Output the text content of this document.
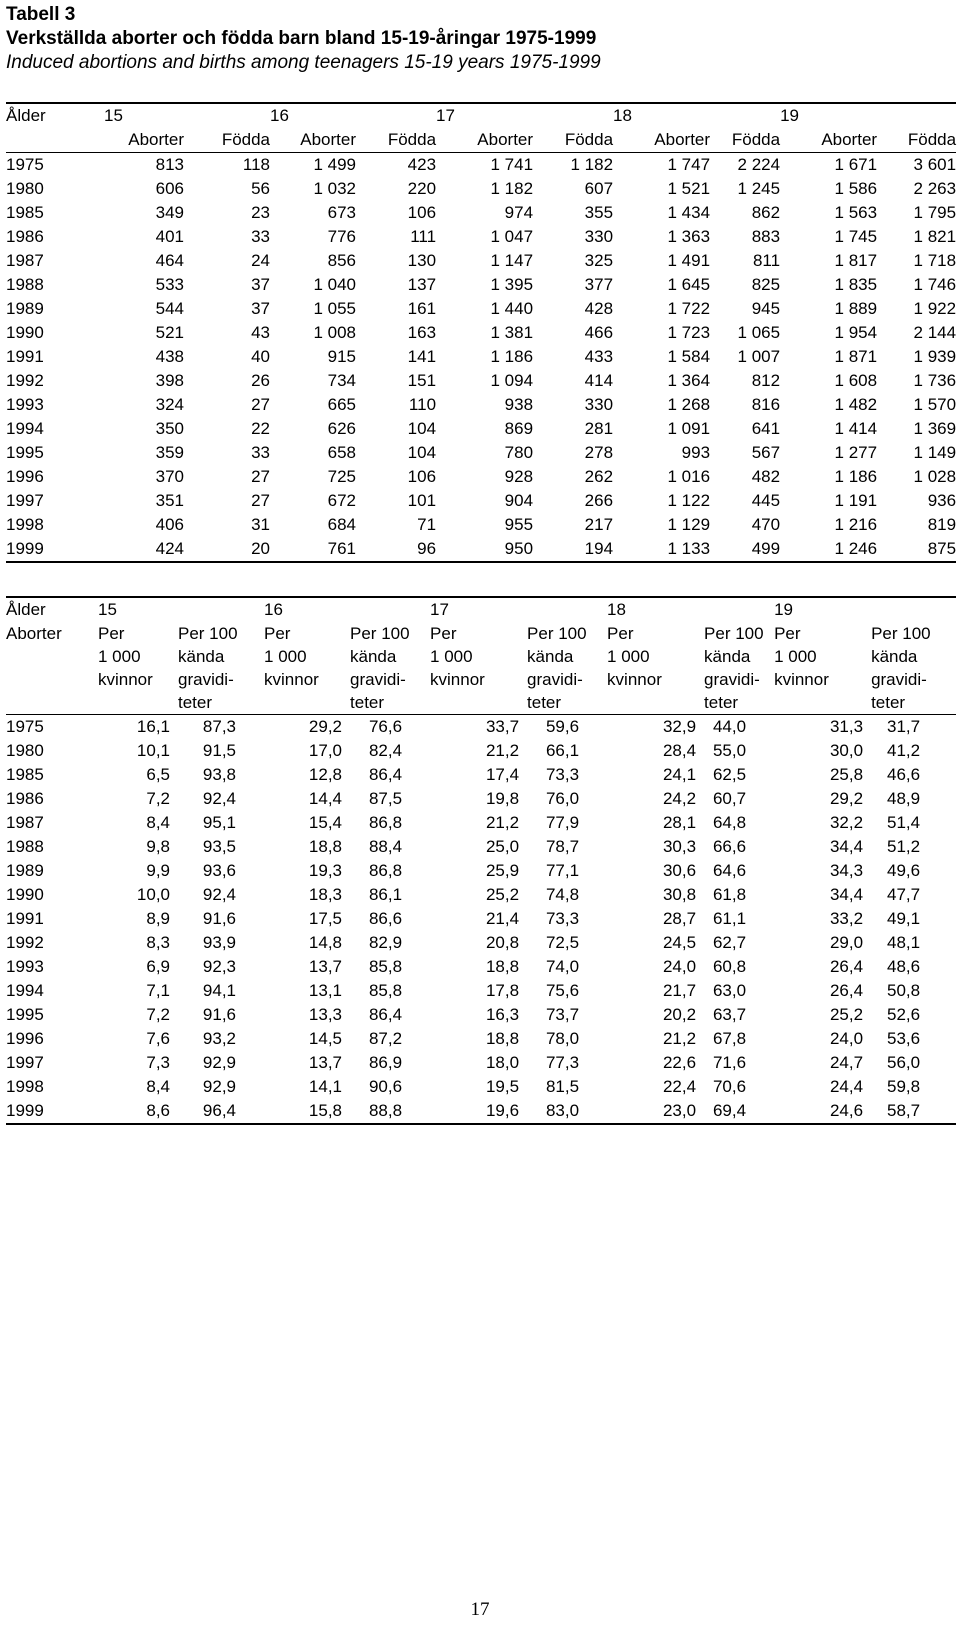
Tabell 3
Verkställda aborter och födda barn bland 15-19-åringar 1975-1999
Induced abortions and births among teenagers 15-19 years 1975-1999
Ålder	15		16		17		18		19	
	Aborter	Födda	Aborter	Födda	Aborter	Födda	Aborter	Födda	Aborter	Födda
1975	813	118	1 499	423	1 741	1 182	1 747	2 224	1 671	3 601
1980	606	56	1 032	220	1 182	607	1 521	1 245	1 586	2 263
1985	349	23	673	106	974	355	1 434	862	1 563	1 795
1986	401	33	776	111	1 047	330	1 363	883	1 745	1 821
1987	464	24	856	130	1 147	325	1 491	811	1 817	1 718
1988	533	37	1 040	137	1 395	377	1 645	825	1 835	1 746
1989	544	37	1 055	161	1 440	428	1 722	945	1 889	1 922
1990	521	43	1 008	163	1 381	466	1 723	1 065	1 954	2 144
1991	438	40	915	141	1 186	433	1 584	1 007	1 871	1 939
1992	398	26	734	151	1 094	414	1 364	812	1 608	1 736
1993	324	27	665	110	938	330	1 268	816	1 482	1 570
1994	350	22	626	104	869	281	1 091	641	1 414	1 369
1995	359	33	658	104	780	278	993	567	1 277	1 149
1996	370	27	725	106	928	262	1 016	482	1 186	1 028
1997	351	27	672	101	904	266	1 122	445	1 191	936
1998	406	31	684	71	955	217	1 129	470	1 216	819
1999	424	20	761	96	950	194	1 133	499	1 246	875
Ålder	15		16		17		18		19	
Aborter	Per	Per 100	Per	Per 100	Per	Per 100	Per	Per 100	Per	Per 100
	1 000	kända	1 000	kända	1 000	kända	1 000	kända	1 000	kända
	kvinnor	gravidi-	kvinnor	gravidi-	kvinnor	gravidi-	kvinnor	gravidi-	kvinnor	gravidi-
		teter		teter		teter		teter		teter
1975	16,1	87,3	29,2	76,6	33,7	59,6	32,9	44,0	31,3	31,7
1980	10,1	91,5	17,0	82,4	21,2	66,1	28,4	55,0	30,0	41,2
1985	6,5	93,8	12,8	86,4	17,4	73,3	24,1	62,5	25,8	46,6
1986	7,2	92,4	14,4	87,5	19,8	76,0	24,2	60,7	29,2	48,9
1987	8,4	95,1	15,4	86,8	21,2	77,9	28,1	64,8	32,2	51,4
1988	9,8	93,5	18,8	88,4	25,0	78,7	30,3	66,6	34,4	51,2
1989	9,9	93,6	19,3	86,8	25,9	77,1	30,6	64,6	34,3	49,6
1990	10,0	92,4	18,3	86,1	25,2	74,8	30,8	61,8	34,4	47,7
1991	8,9	91,6	17,5	86,6	21,4	73,3	28,7	61,1	33,2	49,1
1992	8,3	93,9	14,8	82,9	20,8	72,5	24,5	62,7	29,0	48,1
1993	6,9	92,3	13,7	85,8	18,8	74,0	24,0	60,8	26,4	48,6
1994	7,1	94,1	13,1	85,8	17,8	75,6	21,7	63,0	26,4	50,8
1995	7,2	91,6	13,3	86,4	16,3	73,7	20,2	63,7	25,2	52,6
1996	7,6	93,2	14,5	87,2	18,8	78,0	21,2	67,8	24,0	53,6
1997	7,3	92,9	13,7	86,9	18,0	77,3	22,6	71,6	24,7	56,0
1998	8,4	92,9	14,1	90,6	19,5	81,5	22,4	70,6	24,4	59,8
1999	8,6	96,4	15,8	88,8	19,6	83,0	23,0	69,4	24,6	58,7
17
